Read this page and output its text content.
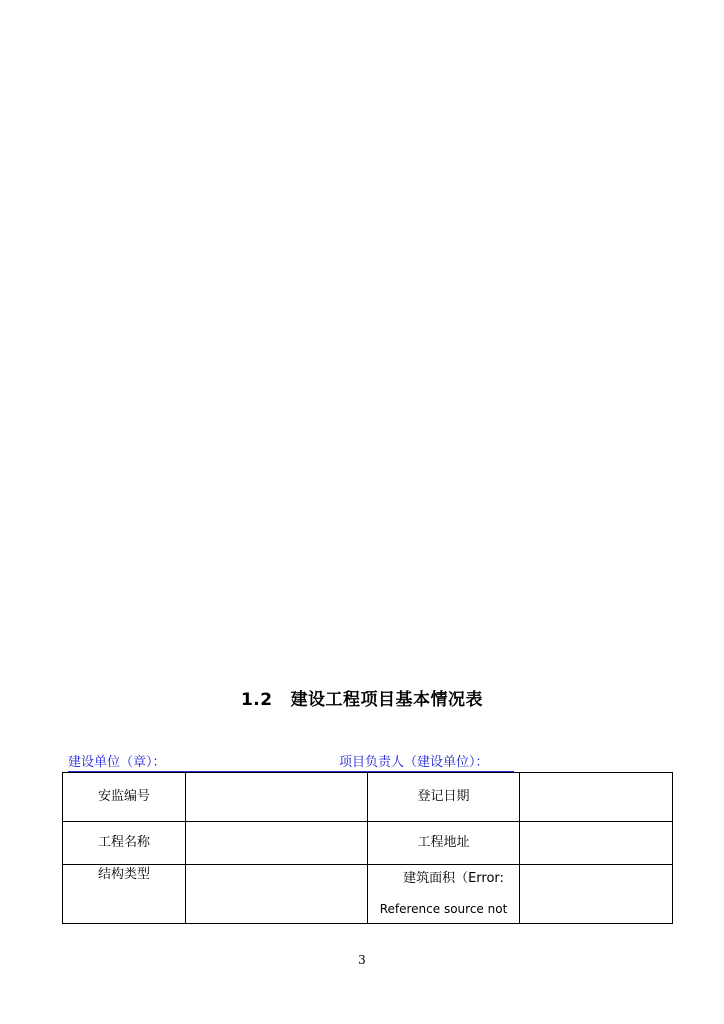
1.2 建设工程项目基本情况表
建设单位（章）：	项目负责人（建设单位）：
安监编号		登记日期	
工程名称		工程地址	
结构类型		建筑面积（Error:
Reference source not	

3
